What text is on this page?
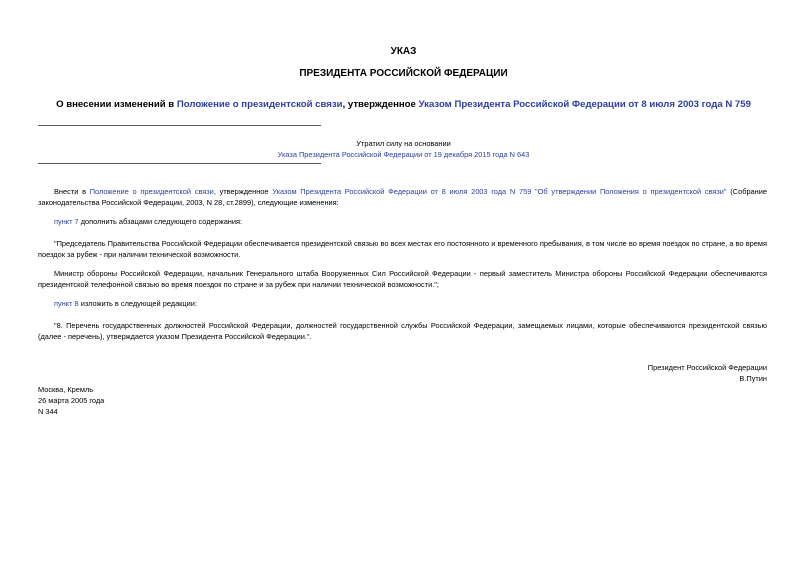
УКАЗ
ПРЕЗИДЕНТА РОССИЙСКОЙ ФЕДЕРАЦИИ
О внесении изменений в Положение о президентской связи, утвержденное Указом Президента Российской Федерации от 8 июля 2003 года N 759
Утратил силу на основании
Указа Президента Российской Федерации от 19 декабря 2015 года N 643

Внести в Положение о президентской связи, утвержденное Указом Президента Российской Федерации от 8 июля 2003 года N 759 "Об утверждении Положения о президентской связи" (Собрание законодательства Российской Федерации, 2003, N 28, ст.2899), следующие изменения:

пункт 7 дополнить абзацами следующего содержания:

"Председатель Правительства Российской Федерации обеспечивается президентской связью во всех местах его постоянного и временного пребывания, в том числе во время поездок по стране, а во время поездок за рубеж - при наличии технической возможности.

Министр обороны Российской Федерации, начальник Генерального штаба Вооруженных Сил Российской Федерации - первый заместитель Министра обороны Российской Федерации обеспечиваются президентской телефонной связью во время поездок по стране и за рубеж при наличии технической возможности.";

пункт 8 изложить в следующей редакции:

"8. Перечень государственных должностей Российской Федерации, должностей государственной службы Российской Федерации, замещаемых лицами, которые обеспечиваются президентской связью (далее - перечень), утверждается указом Президента Российской Федерации.".

Президент Российской Федерации
В.Путин
Москва, Кремль
26 марта 2005 года
N 344
